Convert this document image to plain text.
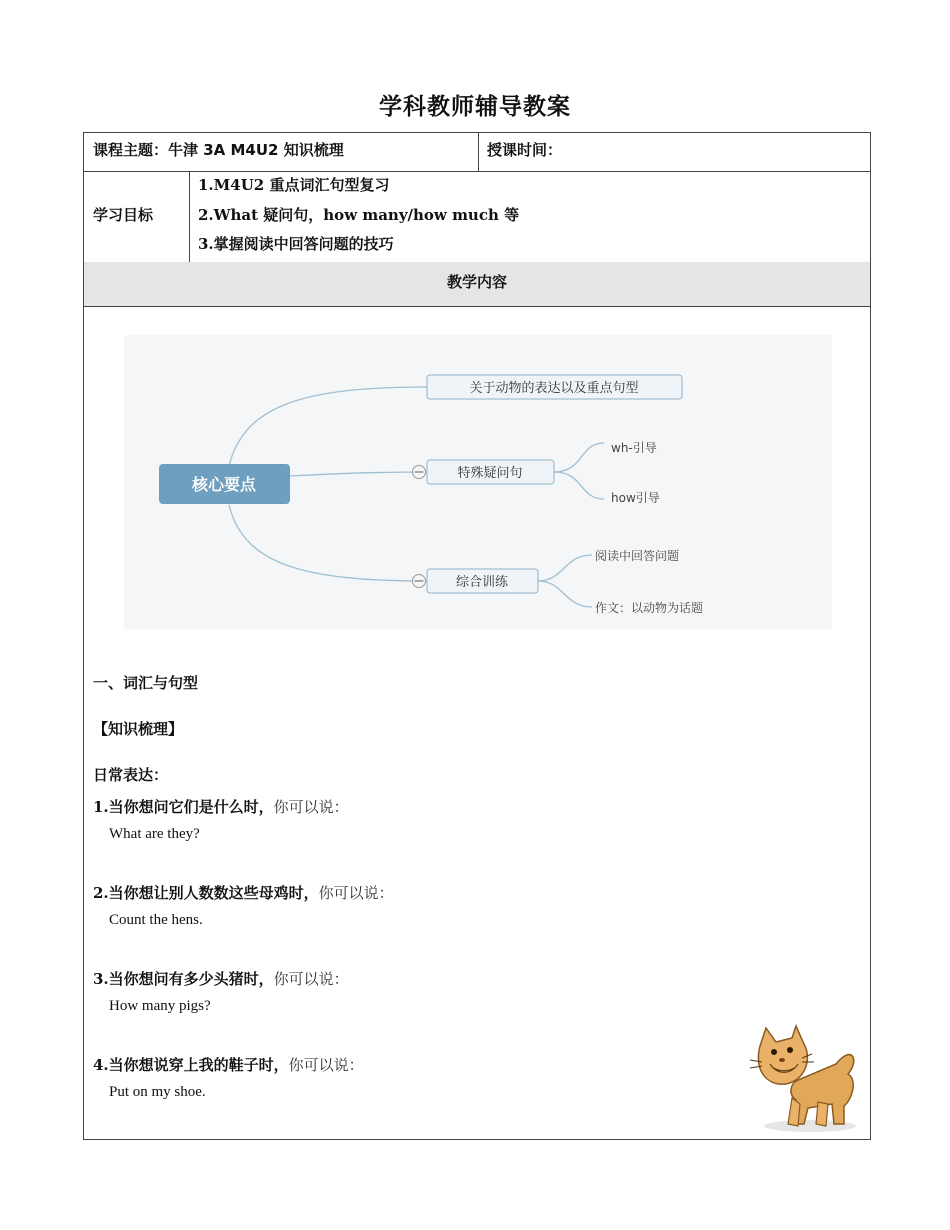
学科教师辅导教案
课程主题：牛津 3A M4U2 知识梳理	授课时间：
学习目标
1.M4U2 重点词汇句型复习
2.What 疑问句，how many/how much 等
3.掌握阅读中回答问题的技巧
教学内容
核心要点
关于动物的表达以及重点句型
特殊疑问句
综合训练
wh-引导
how引导
阅读中回答问题
作文：以动物为话题
一、词汇与句型
【知识梳理】
日常表达：
1.当你想问它们是什么时，你可以说：
What are they?
2.当你想让别人数数这些母鸡时，你可以说：
Count the hens.
3.当你想问有多少头猪时，你可以说：
How many pigs?
4.当你想说穿上我的鞋子时，你可以说：
Put on my shoe.
